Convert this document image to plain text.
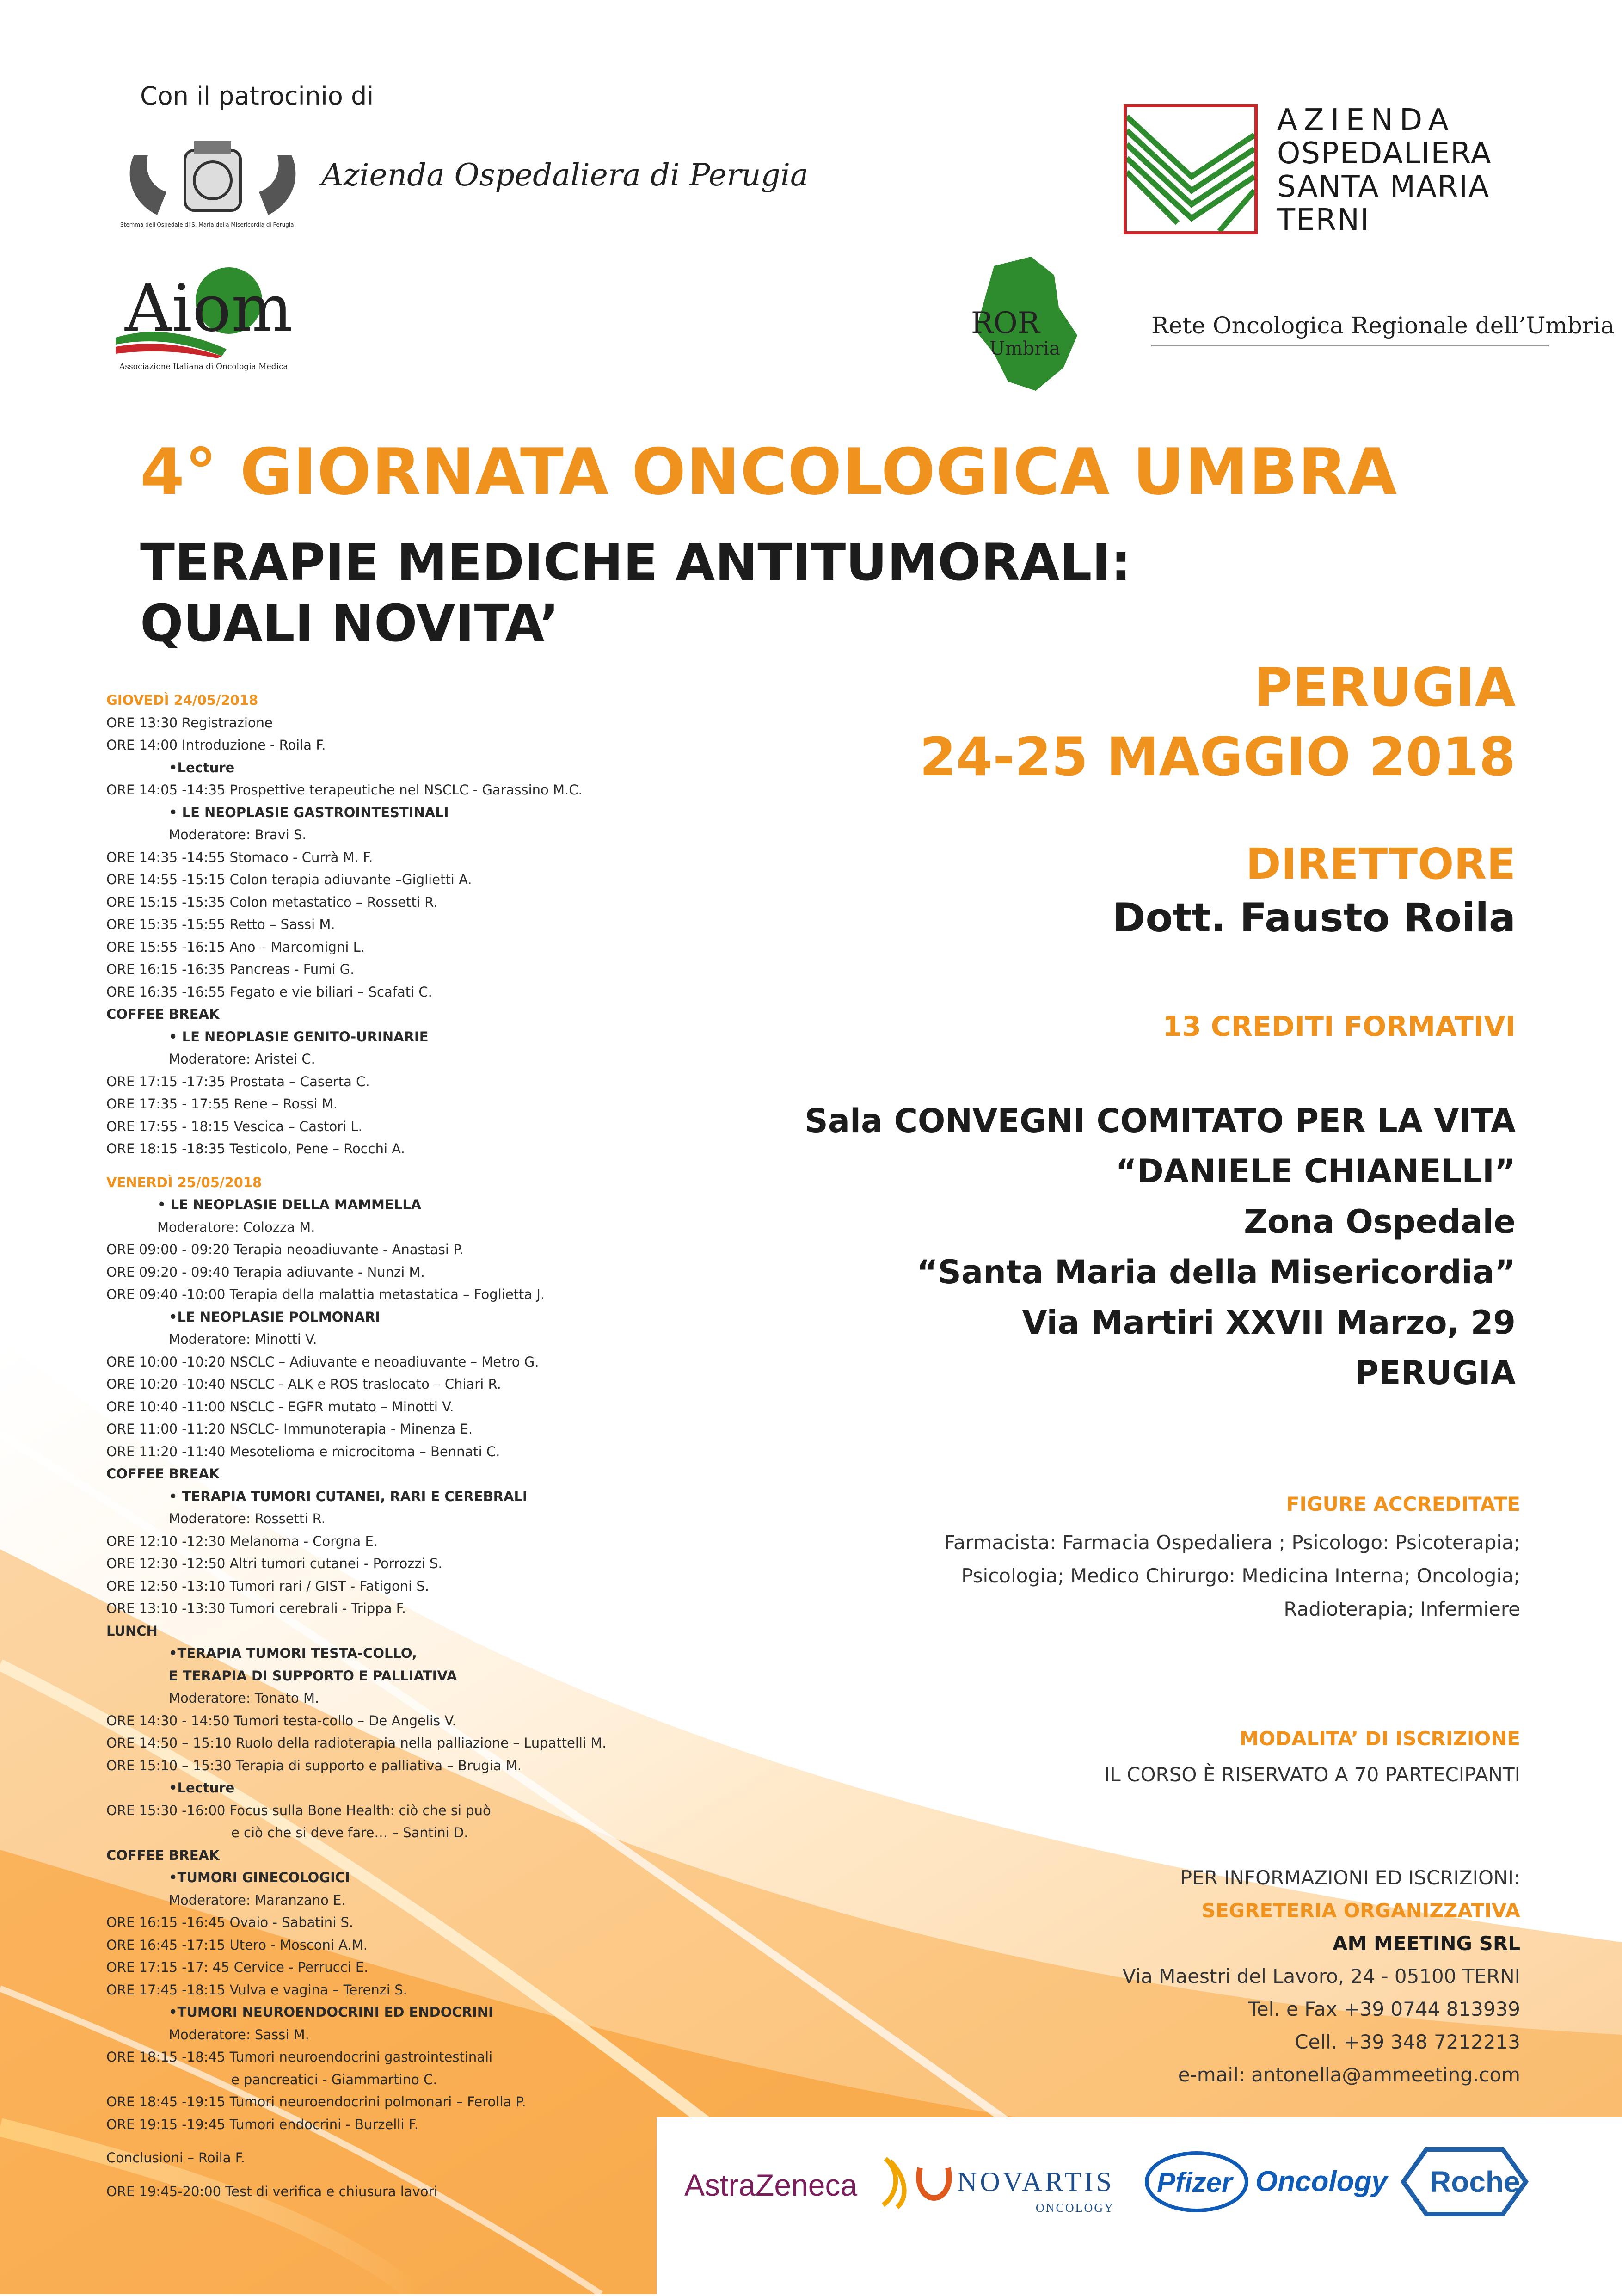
Con il patrocinio di
Stemma dell'Ospedale di S. Maria della Misericordia di Perugia
Azienda Ospedaliera di Perugia
Aiom
Associazione Italiana di Oncologia Medica
AZIENDA
OSPEDALIERA
SANTA MARIA
TERNI
ROR
Umbria
Rete Oncologica Regionale dell’Umbria
4° GIORNATA ONCOLOGICA UMBRA
TERAPIE MEDICHE ANTITUMORALI:
QUALI NOVITA’
PERUGIA
24-25 MAGGIO 2018
DIRETTORE
Dott. Fausto Roila
13 CREDITI FORMATIVI
Sala CONVEGNI COMITATO PER LA VITA
“DANIELE CHIANELLI”
Zona Ospedale
“Santa Maria della Misericordia”
Via Martiri XXVII Marzo, 29
PERUGIA
FIGURE ACCREDITATE
Farmacista: Farmacia Ospedaliera ; Psicologo: Psicoterapia;
Psicologia; Medico Chirurgo: Medicina Interna; Oncologia;
Radioterapia; Infermiere
MODALITA’ DI ISCRIZIONE
IL CORSO È RISERVATO A 70 PARTECIPANTI
PER INFORMAZIONI ED ISCRIZIONI:
SEGRETERIA ORGANIZZATIVA
AM MEETING SRL
Via Maestri del Lavoro, 24 - 05100 TERNI
Tel. e Fax +39 0744 813939
Cell. +39 348 7212213
e-mail: antonella@ammeeting.com
GIOVEDÌ 24/05/2018
ORE 13:30 Registrazione
ORE 14:00 Introduzione - Roila F.
•Lecture
ORE 14:05 -14:35 Prospettive terapeutiche nel NSCLC - Garassino M.C.
• LE NEOPLASIE GASTROINTESTINALI
Moderatore: Bravi S.
ORE 14:35 -14:55 Stomaco - Currà M. F.
ORE 14:55 -15:15 Colon terapia adiuvante –Giglietti A.
ORE 15:15 -15:35 Colon metastatico – Rossetti R.
ORE 15:35 -15:55 Retto – Sassi M.
ORE 15:55 -16:15 Ano – Marcomigni L.
ORE 16:15 -16:35 Pancreas - Fumi G.
ORE 16:35 -16:55 Fegato e vie biliari – Scafati C.
COFFEE BREAK
• LE NEOPLASIE GENITO-URINARIE
Moderatore: Aristei C.
ORE 17:15 -17:35 Prostata – Caserta C.
ORE 17:35 - 17:55 Rene – Rossi M.
ORE 17:55 - 18:15 Vescica – Castori L.
ORE 18:15 -18:35 Testicolo, Pene – Rocchi A.
VENERDÌ 25/05/2018
• LE NEOPLASIE DELLA MAMMELLA
Moderatore: Colozza M.
ORE 09:00 - 09:20 Terapia neoadiuvante - Anastasi P.
ORE 09:20 - 09:40 Terapia adiuvante - Nunzi M.
ORE 09:40 -10:00 Terapia della malattia metastatica – Foglietta J.
•LE NEOPLASIE POLMONARI
Moderatore: Minotti V.
ORE 10:00 -10:20 NSCLC – Adiuvante e neoadiuvante – Metro G.
ORE 10:20 -10:40 NSCLC - ALK e ROS traslocato – Chiari R.
ORE 10:40 -11:00 NSCLC - EGFR mutato – Minotti V.
ORE 11:00 -11:20 NSCLC- Immunoterapia - Minenza E.
ORE 11:20 -11:40 Mesotelioma e microcitoma – Bennati C.
COFFEE BREAK
• TERAPIA TUMORI CUTANEI, RARI E CEREBRALI
Moderatore: Rossetti R.
ORE 12:10 -12:30 Melanoma - Corgna E.
ORE 12:30 -12:50 Altri tumori cutanei - Porrozzi S.
ORE 12:50 -13:10 Tumori rari / GIST - Fatigoni S.
ORE 13:10 -13:30 Tumori cerebrali - Trippa F.
LUNCH
•TERAPIA TUMORI TESTA-COLLO,
E TERAPIA DI SUPPORTO E PALLIATIVA
Moderatore: Tonato M.
ORE 14:30 - 14:50 Tumori testa-collo – De Angelis V.
ORE 14:50 – 15:10 Ruolo della radioterapia nella palliazione – Lupattelli M.
ORE 15:10 – 15:30 Terapia di supporto e palliativa – Brugia M.
•Lecture
ORE 15:30 -16:00 Focus sulla Bone Health: ciò che si può
e ciò che si deve fare… – Santini D.
COFFEE BREAK
•TUMORI GINECOLOGICI
Moderatore: Maranzano E.
ORE 16:15 -16:45 Ovaio - Sabatini S.
ORE 16:45 -17:15 Utero - Mosconi A.M.
ORE 17:15 -17: 45 Cervice - Perrucci E.
ORE 17:45 -18:15 Vulva e vagina – Terenzi S.
•TUMORI NEUROENDOCRINI ED ENDOCRINI
Moderatore: Sassi M.
ORE 18:15 -18:45 Tumori neuroendocrini gastrointestinali
e pancreatici - Giammartino C.
ORE 18:45 -19:15 Tumori neuroendocrini polmonari – Ferolla P.
ORE 19:15 -19:45 Tumori endocrini - Burzelli F.
Conclusioni – Roila F.
ORE 19:45-20:00 Test di verifica e chiusura lavori	AstraZeneca	NOVARTIS
ONCOLOGY
Pfizer Oncology Roche
